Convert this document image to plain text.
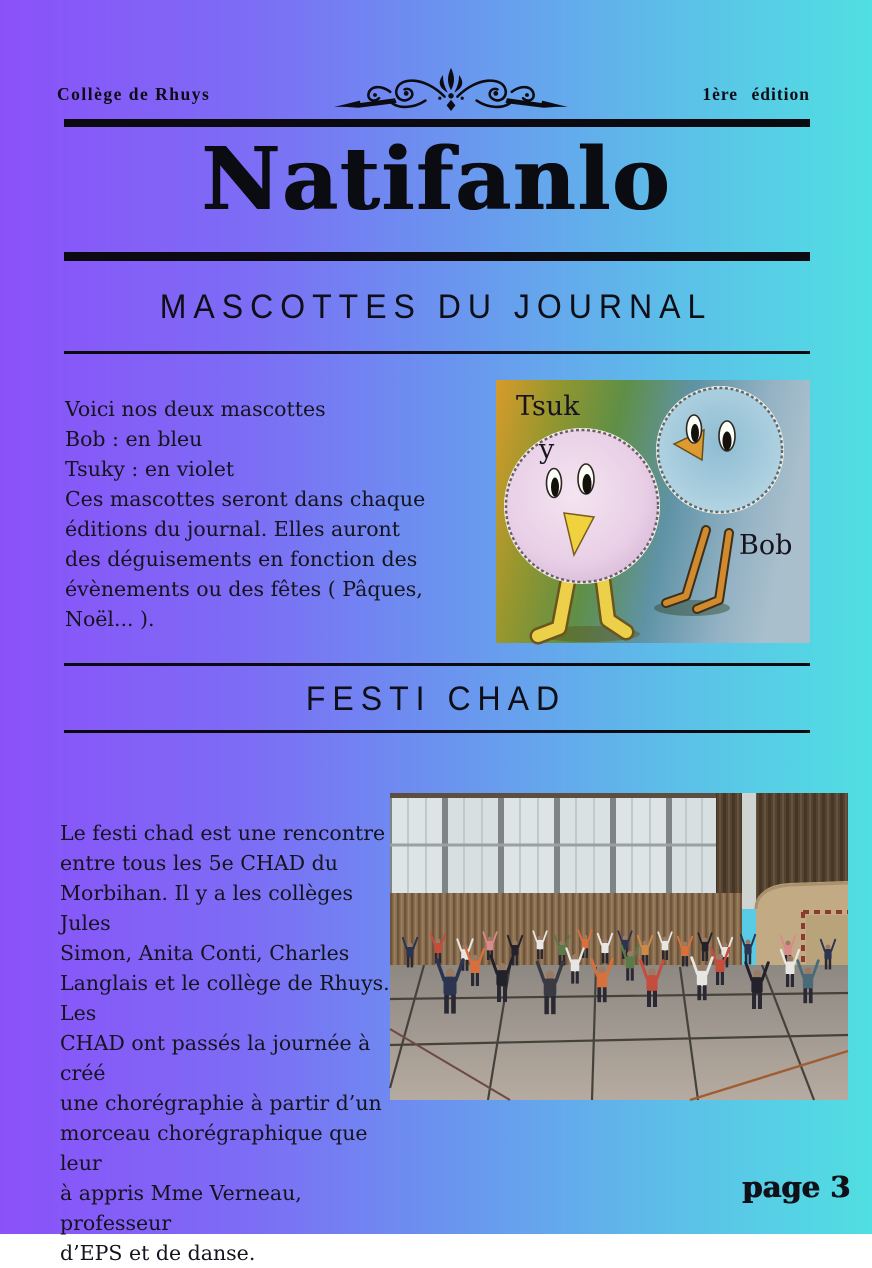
Collège de Rhuys	1ère édition
Natifanlo
MASCOTTES DU JOURNAL
Voici nos deux mascottes
Bob : en bleu
Tsuky : en violet
Ces mascottes seront dans chaque
éditions du journal. Elles auront
des déguisements en fonction des
évènements ou des fêtes ( Pâques,
Noël... ).
Tsuk
y
Bob
FESTI CHAD
Le festi chad est une rencontre
entre tous les 5e CHAD du
Morbihan. Il y a les collèges Jules
Simon, Anita Conti, Charles
Langlais et le collège de Rhuys. Les
CHAD ont passés la journée à créé
une chorégraphie à partir d’un
morceau chorégraphique que leur
à appris Mme Verneau, professeur
d’EPS et de danse.
page 3
